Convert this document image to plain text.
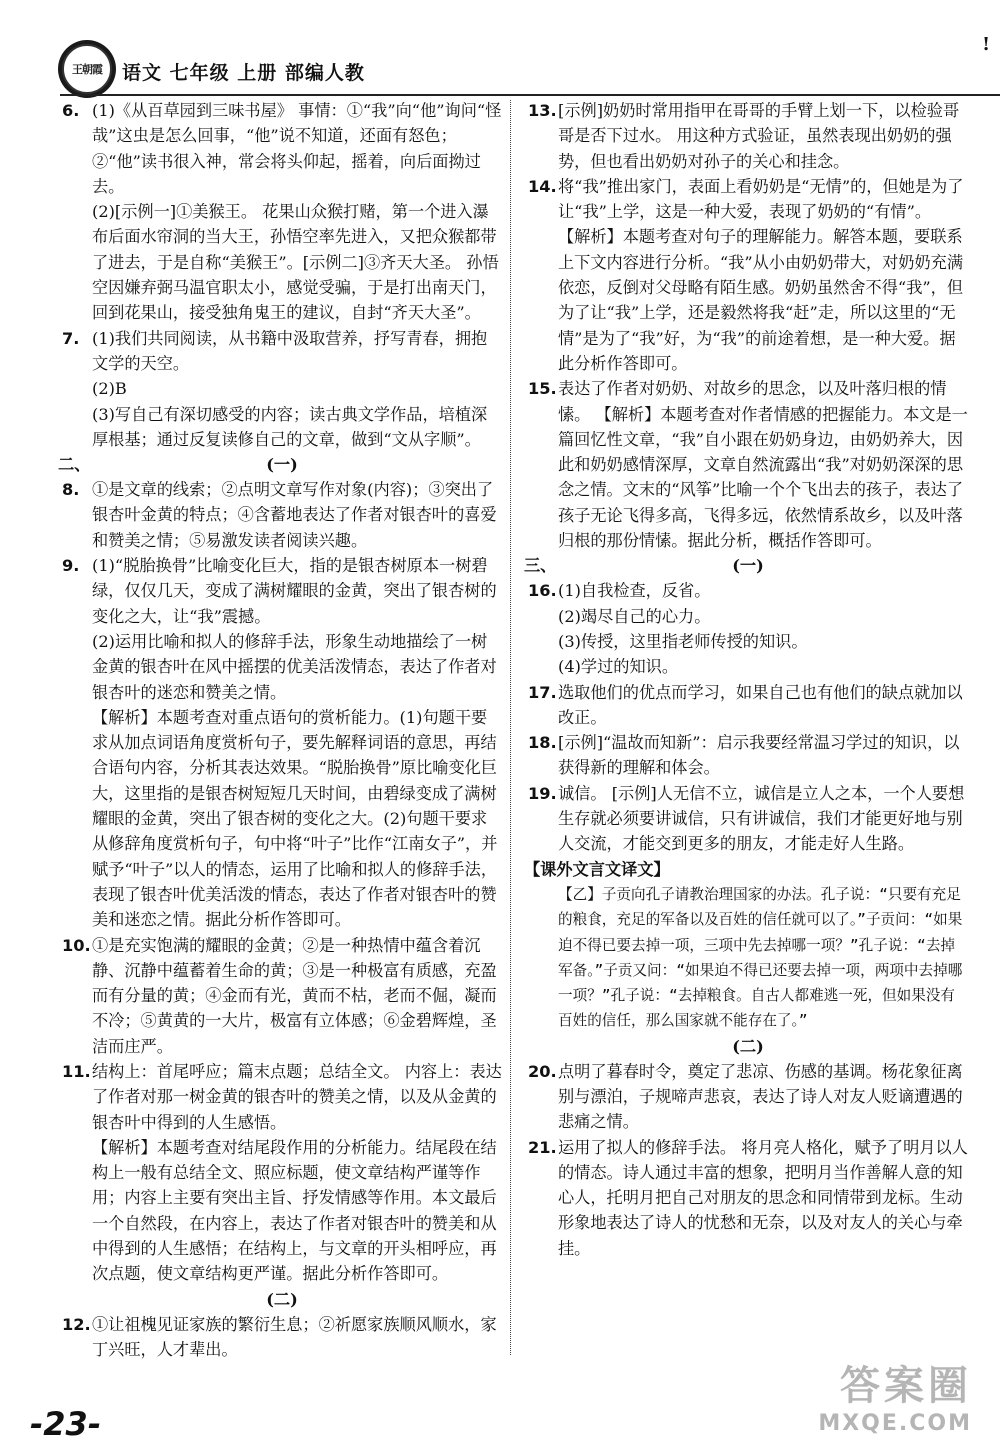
王朝霞	语文 七年级 上册 部编人教
!
6. (1)《从百草园到三味书屋》 事情：①“我”向“他”询问“怪哉”这虫是怎么回事，“他”说不知道，还面有怒色；②“他”读书很入神，常会将头仰起，摇着，向后面拗过去。

(2)[示例一]①美猴王。 花果山众猴打赌，第一个进入瀑布后面水帘洞的当大王，孙悟空率先进入，又把众猴都带了进去，于是自称“美猴王”。[示例二]③齐天大圣。 孙悟空因嫌弃弼马温官职太小，感觉受骗，于是打出南天门，回到花果山，接受独角鬼王的建议，自封“齐天大圣”。

7. (1)我们共同阅读，从书籍中汲取营养，抒写青春，拥抱文学的天空。

(2)B

(3)写自己有深切感受的内容；读古典文学作品，培植深厚根基；通过反复读修自己的文章，做到“文从字顺”。

二、	(一)
8. ①是文章的线索；②点明文章写作对象(内容)；③突出了银杏叶金黄的特点；④含蓄地表达了作者对银杏叶的喜爱和赞美之情；⑤易激发读者阅读兴趣。

9. (1)“脱胎换骨”比喻变化巨大，指的是银杏树原本一树碧绿，仅仅几天，变成了满树耀眼的金黄，突出了银杏树的变化之大，让“我”震撼。

(2)运用比喻和拟人的修辞手法，形象生动地描绘了一树金黄的银杏叶在风中摇摆的优美活泼情态，表达了作者对银杏叶的迷恋和赞美之情。

【解析】本题考查对重点语句的赏析能力。(1)句题干要求从加点词语角度赏析句子，要先解释词语的意思，再结合语句内容，分析其表达效果。“脱胎换骨”原比喻变化巨大，这里指的是银杏树短短几天时间，由碧绿变成了满树耀眼的金黄，突出了银杏树的变化之大。(2)句题干要求从修辞角度赏析句子，句中将“叶子”比作“江南女子”，并赋予“叶子”以人的情态，运用了比喻和拟人的修辞手法，表现了银杏叶优美活泼的情态，表达了作者对银杏叶的赞美和迷恋之情。据此分析作答即可。

10. ①是充实饱满的耀眼的金黄；②是一种热情中蕴含着沉静、沉静中蕴蓄着生命的黄；③是一种极富有质感，充盈而有分量的黄；④金而有光，黄而不枯，老而不倔，凝而不冷；⑤黄黄的一大片，极富有立体感；⑥金碧辉煌，圣洁而庄严。

11. 结构上：首尾呼应；篇末点题；总结全文。 内容上：表达了作者对那一树金黄的银杏叶的赞美之情，以及从金黄的银杏叶中得到的人生感悟。

【解析】本题考查对结尾段作用的分析能力。结尾段在结构上一般有总结全文、照应标题，使文章结构严谨等作用；内容上主要有突出主旨、抒发情感等作用。本文最后一个自然段，在内容上，表达了作者对银杏叶的赞美和从中得到的人生感悟；在结构上，与文章的开头相呼应，再次点题，使文章结构更严谨。据此分析作答即可。

(二)
12. ①让祖槐见证家族的繁衍生息；②祈愿家族顺风顺水，家丁兴旺，人才辈出。

13. [示例]奶奶时常用指甲在哥哥的手臂上划一下，以检验哥哥是否下过水。 用这种方式验证，虽然表现出奶奶的强势，但也看出奶奶对孙子的关心和挂念。

14. 将“我”推出家门，表面上看奶奶是“无情”的，但她是为了让“我”上学，这是一种大爱，表现了奶奶的“有情”。 【解析】本题考查对句子的理解能力。解答本题，要联系上下文内容进行分析。“我”从小由奶奶带大，对奶奶充满依恋，反倒对父母略有陌生感。奶奶虽然舍不得“我”，但为了让“我”上学，还是毅然将我“赶”走，所以这里的“无情”是为了“我”好，为“我”的前途着想，是一种大爱。据此分析作答即可。

15. 表达了作者对奶奶、对故乡的思念，以及叶落归根的情愫。 【解析】本题考查对作者情感的把握能力。本文是一篇回忆性文章，“我”自小跟在奶奶身边，由奶奶养大，因此和奶奶感情深厚，文章自然流露出“我”对奶奶深深的思念之情。文末的“风筝”比喻一个个飞出去的孩子，表达了孩子无论飞得多高，飞得多远，依然情系故乡，以及叶落归根的那份情愫。据此分析，概括作答即可。

三、	(一)
16. (1)自我检查，反省。

(2)竭尽自己的心力。

(3)传授，这里指老师传授的知识。

(4)学过的知识。

17. 选取他们的优点而学习，如果自己也有他们的缺点就加以改正。

18. [示例]“温故而知新”：启示我要经常温习学过的知识，以获得新的理解和体会。

19. 诚信。 [示例]人无信不立，诚信是立人之本，一个人要想生存就必须要讲诚信，只有讲诚信，我们才能更好地与别人交流，才能交到更多的朋友，才能走好人生路。

【课外文言文译文】
【乙】子贡向孔子请教治理国家的办法。孔子说：“只要有充足的粮食，充足的军备以及百姓的信任就可以了。”子贡问：“如果迫不得已要去掉一项，三项中先去掉哪一项？”孔子说：“去掉军备。”子贡又问：“如果迫不得已还要去掉一项，两项中去掉哪一项？”孔子说：“去掉粮食。自古人都难逃一死，但如果没有百姓的信任，那么国家就不能存在了。”
(二)
20. 点明了暮春时令，奠定了悲凉、伤感的基调。杨花象征离别与漂泊，子规啼声悲哀，表达了诗人对友人贬谪遭遇的悲痛之情。

21. 运用了拟人的修辞手法。 将月亮人格化，赋予了明月以人的情态。诗人通过丰富的想象，把明月当作善解人意的知心人，托明月把自己对朋友的思念和同情带到龙标。生动形象地表达了诗人的忧愁和无奈，以及对友人的关心与牵挂。

-23-
答案圈
MXQE.COM
